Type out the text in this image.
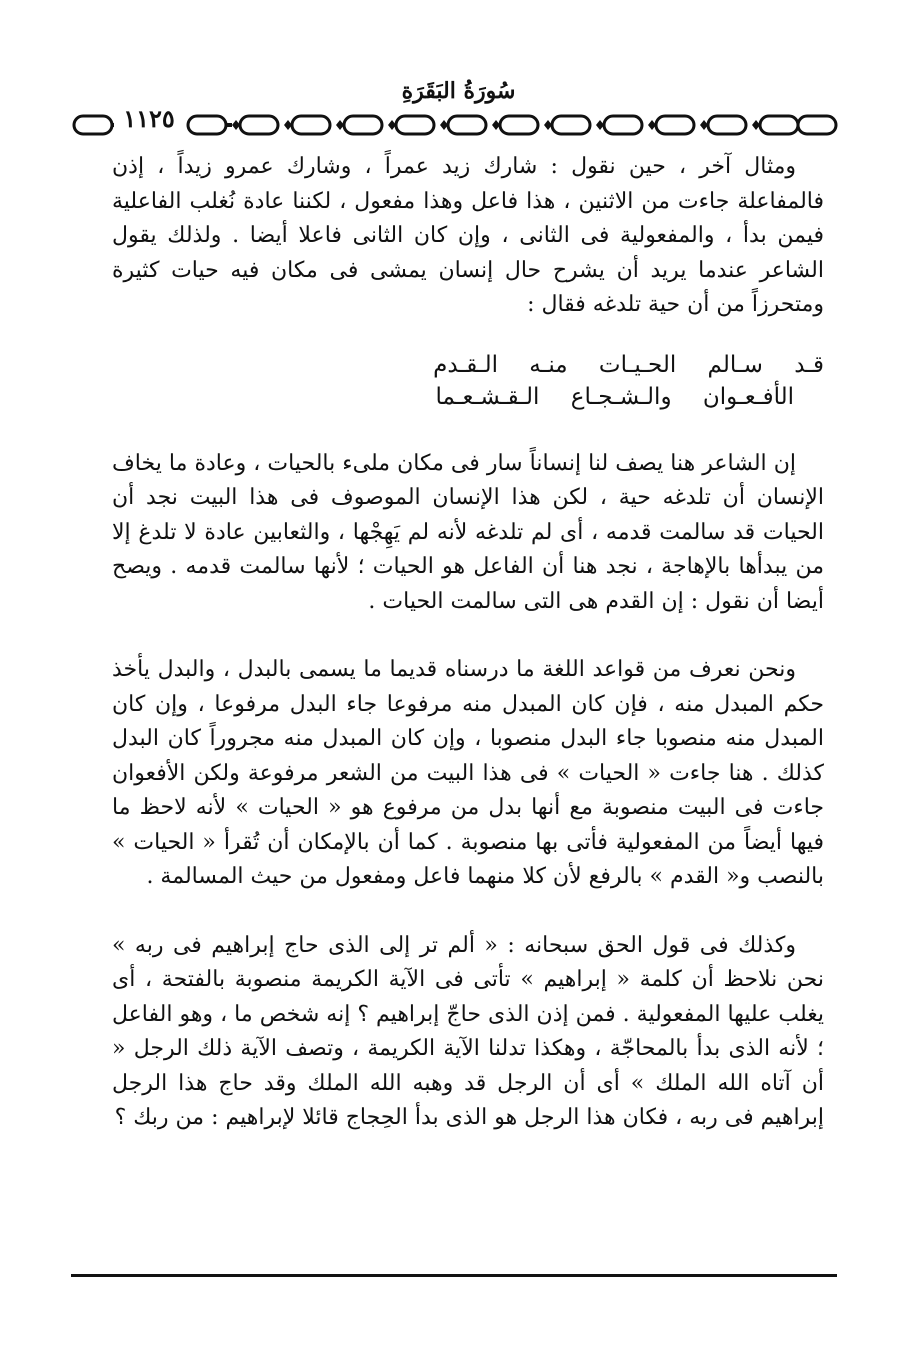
سُورَةُ البَقَرَةِ
١١٢٥

ومثال آخر ، حين نقول : شارك زيد عمراً ، وشارك عمرو زيداً ، إذن فالمفاعلة جاءت من الاثنين ، هذا فاعل وهذا مفعول ، لكننا عادة نُغلب الفاعلية فيمن بدأ ، والمفعولية فى الثانى ، وإن كان الثانى فاعلا أيضا . ولذلك يقول الشاعر عندما يريد أن يشرح حال إنسان يمشى فى مكان فيه حيات كثيرة ومتحرزاً من أن حية تلدغه فقال :

قـد سـالم الحـيـات منـه الـقـدم
الأفـعـوان والـشـجـاع الـقـشـعـما

إن الشاعر هنا يصف لنا إنساناً سار فى مكان ملىء بالحيات ، وعادة ما يخاف الإنسان أن تلدغه حية ، لكن هذا الإنسان الموصوف فى هذا البيت نجد أن الحيات قد سالمت قدمه ، أى لم تلدغه لأنه لم يَهِجْها ، والثعابين عادة لا تلدغ إلا من يبدأها بالإهاجة ، نجد هنا أن الفاعل هو الحيات ؛ لأنها سالمت قدمه . ويصح أيضا أن نقول : إن القدم هى التى سالمت الحيات .

ونحن نعرف من قواعد اللغة ما درسناه قديما ما يسمى بالبدل ، والبدل يأخذ حكم المبدل منه ، فإن كان المبدل منه مرفوعا جاء البدل مرفوعا ، وإن كان المبدل منه منصوبا جاء البدل منصوبا ، وإن كان المبدل منه مجروراً كان البدل كذلك . هنا جاءت « الحيات » فى هذا البيت من الشعر مرفوعة ولكن الأفعوان جاءت فى البيت منصوبة مع أنها بدل من مرفوع هو « الحيات » لأنه لاحظ ما فيها أيضاً من المفعولية فأتى بها منصوبة . كما أن بالإمكان أن تُقرأ « الحيات » بالنصب و« القدم » بالرفع لأن كلا منهما فاعل ومفعول من حيث المسالمة .

وكذلك فى قول الحق سبحانه : « ألم تر إلى الذى حاج إبراهيم فى ربه » نحن نلاحظ أن كلمة « إبراهيم » تأتى فى الآية الكريمة منصوبة بالفتحة ، أى يغلب عليها المفعولية . فمن إذن الذى حاجّ إبراهيم ؟ إنه شخص ما ، وهو الفاعل ؛ لأنه الذى بدأ بالمحاجّة ، وهكذا تدلنا الآية الكريمة ، وتصف الآية ذلك الرجل « أن آتاه الله الملك » أى أن الرجل قد وهبه الله الملك وقد حاج هذا الرجل إبراهيم فى ربه ، فكان هذا الرجل هو الذى بدأ الحِجاج قائلا لإبراهيم : من ربك ؟
